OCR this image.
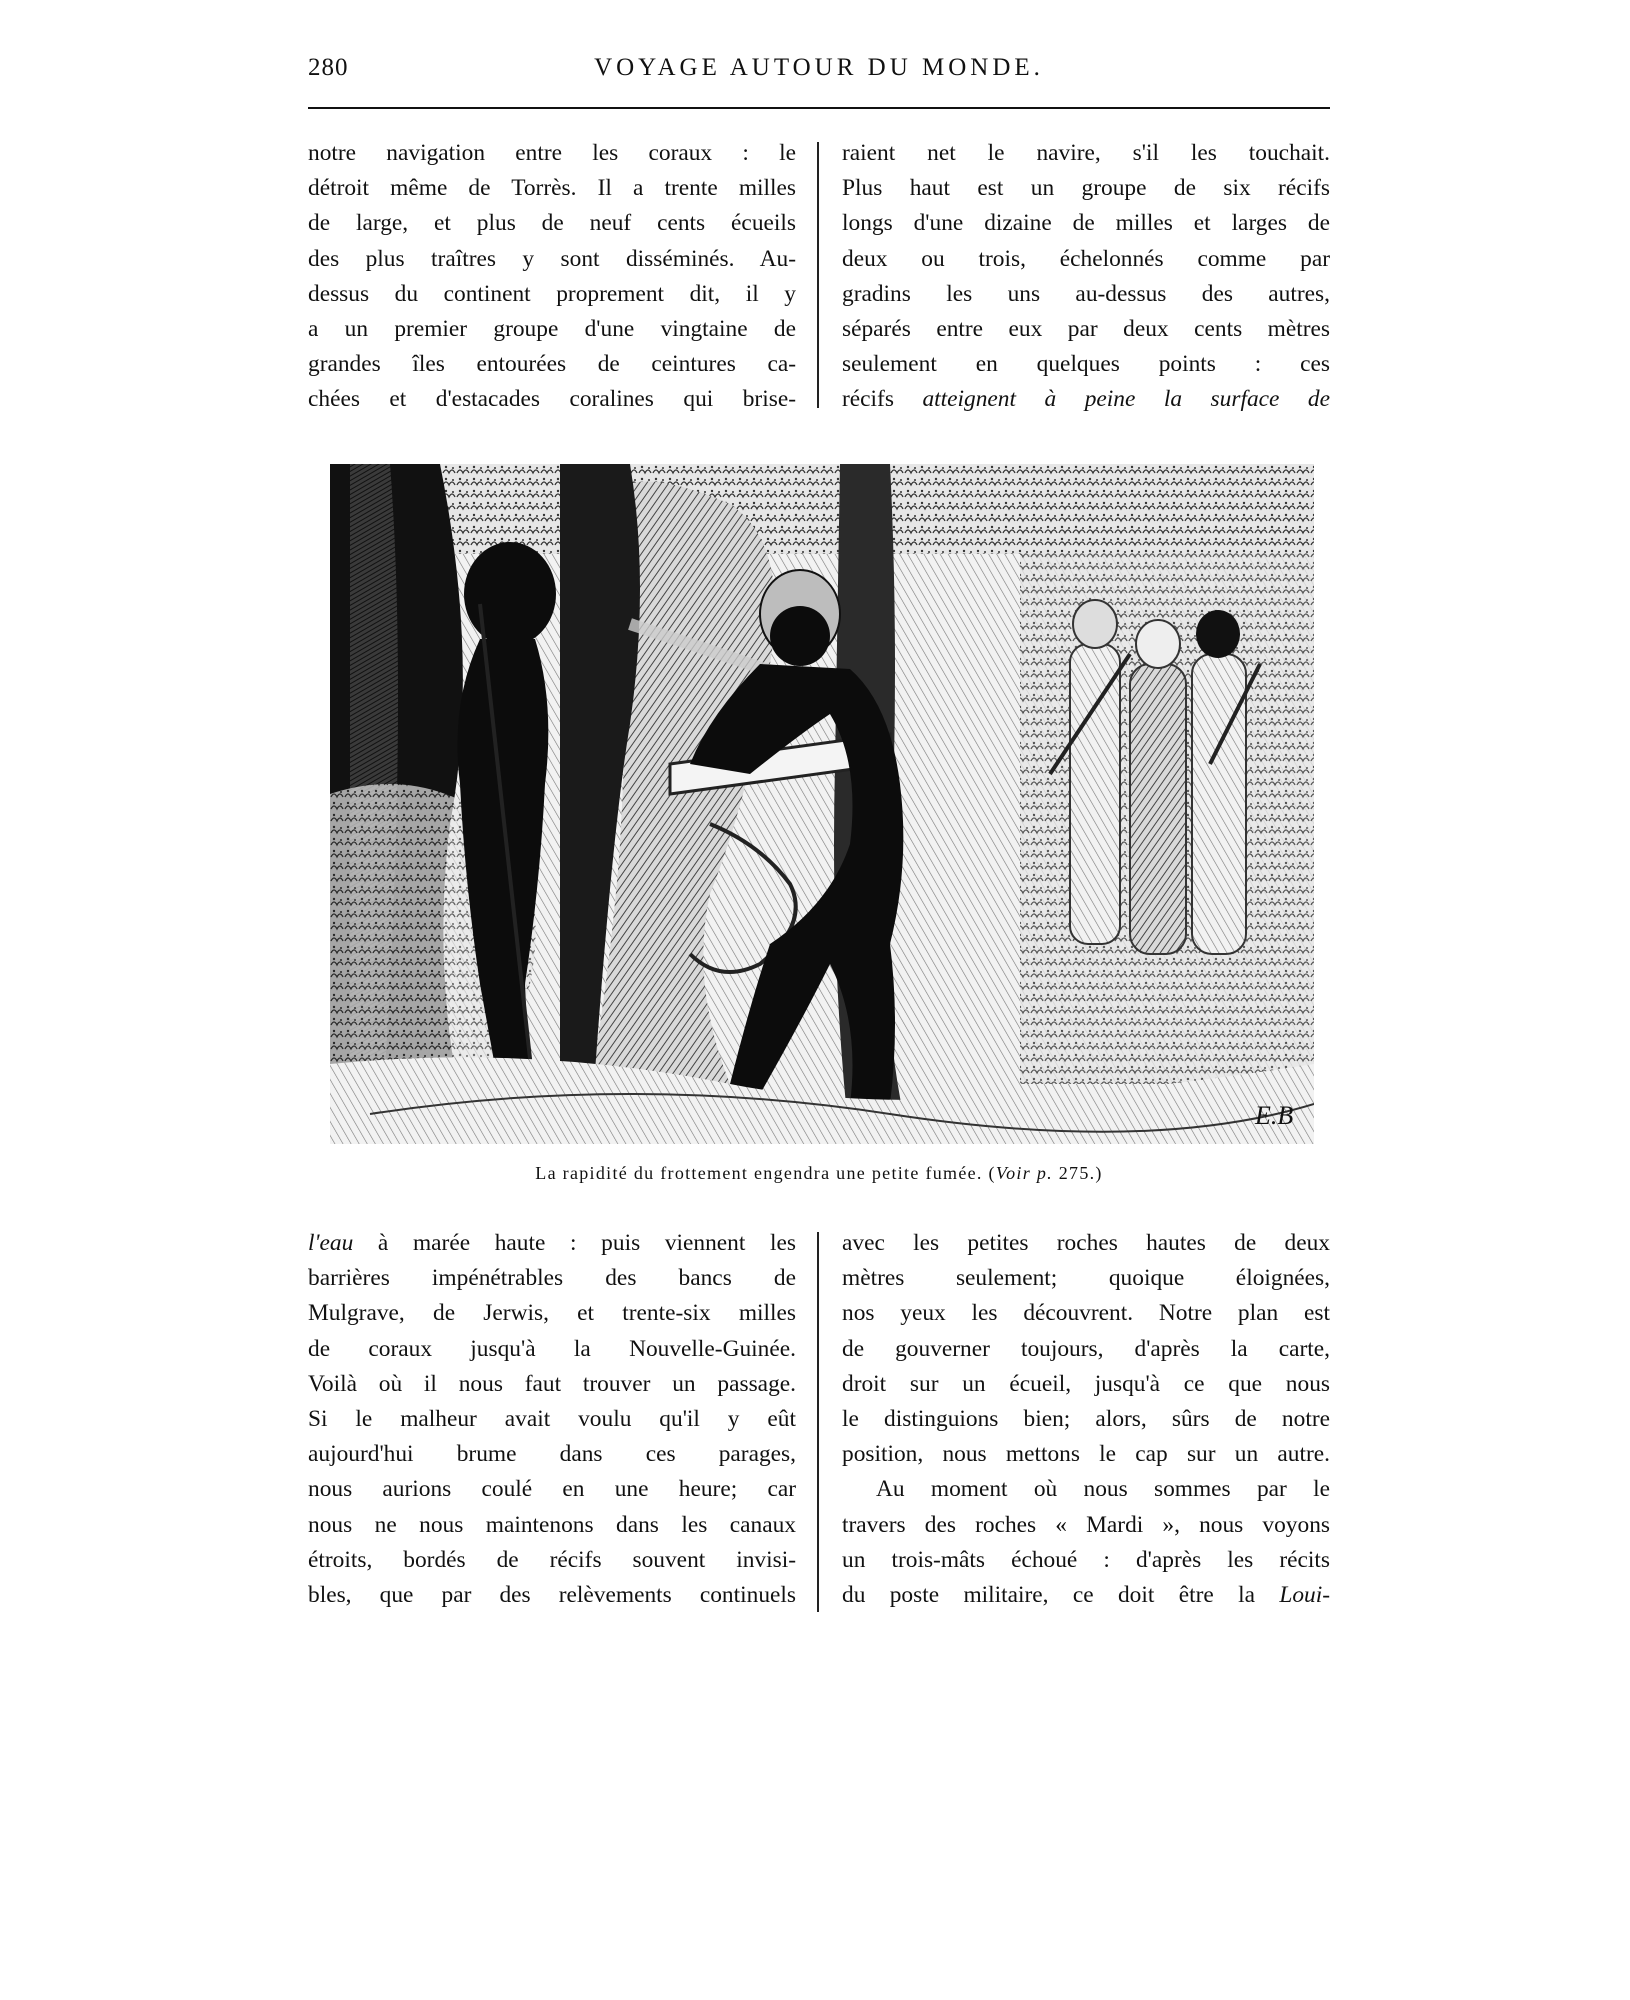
280	VOYAGE AUTOUR DU MONDE.
notre navigation entre les coraux : le
détroit même de Torrès. Il a trente milles
de large, et plus de neuf cents écueils
des plus traîtres y sont disséminés. Au-
dessus du continent proprement dit, il y
a un premier groupe d'une vingtaine de
grandes îles entourées de ceintures ca-
chées et d'estacades coralines qui brise-
raient net le navire, s'il les touchait.
Plus haut est un groupe de six récifs
longs d'une dizaine de milles et larges de
deux ou trois, échelonnés comme par
gradins les uns au-dessus des autres,
séparés entre eux par deux cents mètres
seulement en quelques points : ces
récifs atteignent à peine la surface de
E.B
La rapidité du frottement engendra une petite fumée. (Voir p. 275.)
l'eau à marée haute : puis viennent les
barrières impénétrables des bancs de
Mulgrave, de Jerwis, et trente-six milles
de coraux jusqu'à la Nouvelle-Guinée.
Voilà où il nous faut trouver un passage.
Si le malheur avait voulu qu'il y eût
aujourd'hui brume dans ces parages,
nous aurions coulé en une heure; car
nous ne nous maintenons dans les canaux
étroits, bordés de récifs souvent invisi-
bles, que par des relèvements continuels
avec les petites roches hautes de deux
mètres seulement; quoique éloignées,
nos yeux les découvrent. Notre plan est
de gouverner toujours, d'après la carte,
droit sur un écueil, jusqu'à ce que nous
le distinguions bien; alors, sûrs de notre
position, nous mettons le cap sur un autre.
Au moment où nous sommes par le
travers des roches « Mardi », nous voyons
un trois-mâts échoué : d'après les récits
du poste militaire, ce doit être la Loui-
